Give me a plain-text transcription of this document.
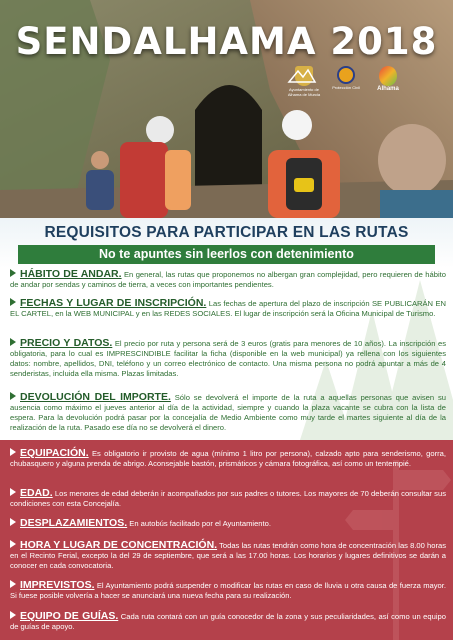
SENDALHAMA 2018
Ayuntamiento de Alhama de Murcia
Protección Civil	Alhama
REQUISITOS PARA PARTICIPAR EN LAS RUTAS
No te apuntes sin leerlos con detenimiento
HÁBITO DE ANDAR. En general, las rutas que proponemos no albergan gran complejidad, pero requieren de hábito de andar por sendas y caminos de tierra, a veces con importantes pendientes.
FECHAS Y LUGAR DE INSCRIPCIÓN. Las fechas de apertura del plazo de inscripción SE PUBLICARÁN EN EL CARTEL, en la WEB MUNICIPAL y en las REDES SOCIALES. El lugar de inscripción será la Oficina Municipal de Turismo.
PRECIO Y DATOS. El precio por ruta y persona será de 3 euros (gratis para menores de 10 años). La inscripción es obligatoria, para lo cual es IMPRESCINDIBLE facilitar la ficha (disponible en la web municipal) ya rellena con los siguientes datos: nombre, apellidos, DNI, teléfono y un correo electrónico de contacto. Una misma persona no podrá apuntar a más de 4 senderistas, incluida ella misma. Plazas limitadas.
DEVOLUCIÓN DEL IMPORTE. Sólo se devolverá el importe de la ruta a aquellas personas que avisen su ausencia como máximo el jueves anterior al día de la actividad, siempre y cuando la plaza vacante se cubra con la lista de espera. Para la devolución podrá pasar por la concejalía de Medio Ambiente como muy tarde el martes siguiente al día de la realización de la ruta. Pasado ese día no se devolverá el dinero.
EQUIPACIÓN. Es obligatorio ir provisto de agua (mínimo 1 litro por persona), calzado apto para senderismo, gorra, chubasquero y alguna prenda de abrigo. Aconsejable bastón, prismáticos y cámara fotográfica, así como un tentempié.
EDAD. Los menores de edad deberán ir acompañados por sus padres o tutores. Los mayores de 70 deberán consultar sus condiciones con esta Concejalía.
DESPLAZAMIENTOS. En autobús facilitado por el Ayuntamiento.
HORA Y LUGAR DE CONCENTRACIÓN. Todas las rutas tendrán como hora de concentración las 8.00 horas en el Recinto Ferial, excepto la del 29 de septiembre, que será a las 17.00 horas. Los horarios y lugares definitivos se darán a conocer en cada convocatoria.
IMPREVISTOS. El Ayuntamiento podrá suspender o modificar las rutas en caso de lluvia u otra causa de fuerza mayor. Si fuese posible volvería a hacer se anunciará una nueva fecha para su realización.
EQUIPO DE GUÍAS. Cada ruta contará con un guía conocedor de la zona y sus peculiaridades, así como un equipo de guías de apoyo.
